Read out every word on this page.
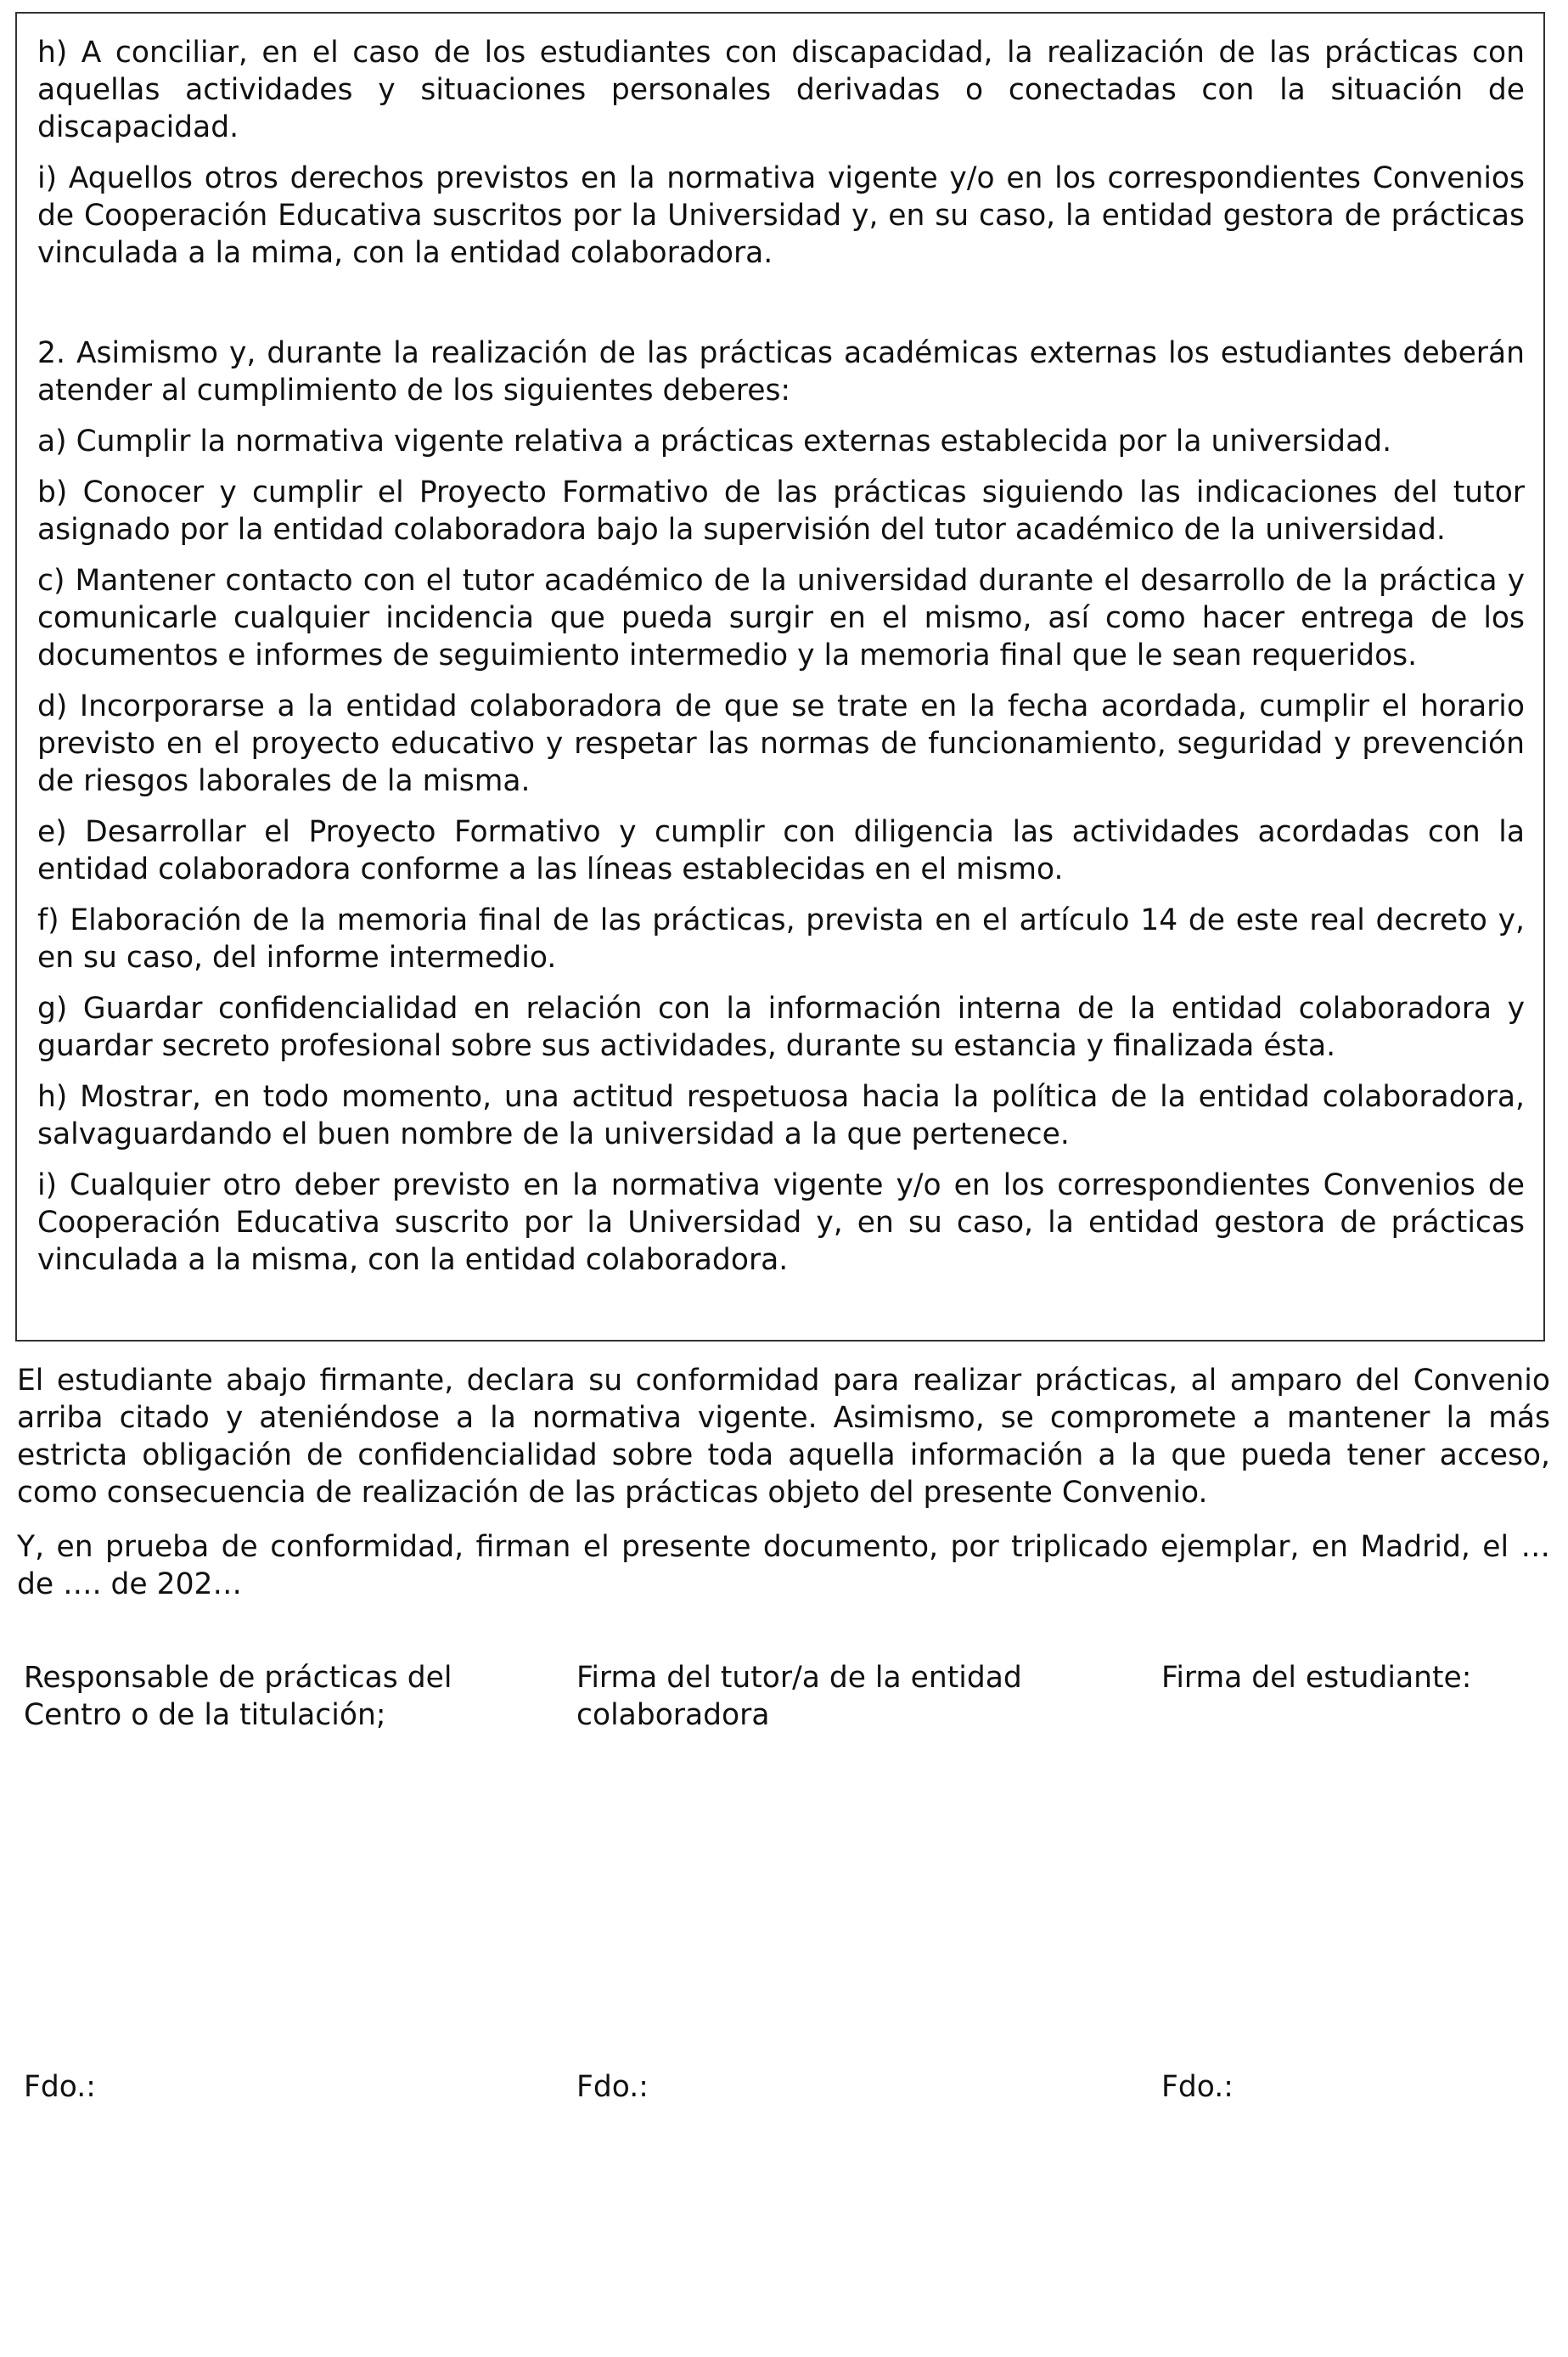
h) A conciliar, en el caso de los estudiantes con discapacidad, la realización de las prácticas con aquellas actividades y situaciones personales derivadas o conectadas con la situación de discapacidad.

i) Aquellos otros derechos previstos en la normativa vigente y/o en los correspondientes Convenios de Cooperación Educativa suscritos por la Universidad y, en su caso, la entidad gestora de prácticas vinculada a la mima, con la entidad colaboradora.

2. Asimismo y, durante la realización de las prácticas académicas externas los estudiantes deberán atender al cumplimiento de los siguientes deberes:

a) Cumplir la normativa vigente relativa a prácticas externas establecida por la universidad.

b) Conocer y cumplir el Proyecto Formativo de las prácticas siguiendo las indicaciones del tutor asignado por la entidad colaboradora bajo la supervisión del tutor académico de la universidad.

c) Mantener contacto con el tutor académico de la universidad durante el desarrollo de la práctica y comunicarle cualquier incidencia que pueda surgir en el mismo, así como hacer entrega de los documentos e informes de seguimiento intermedio y la memoria final que le sean requeridos.

d) Incorporarse a la entidad colaboradora de que se trate en la fecha acordada, cumplir el horario previsto en el proyecto educativo y respetar las normas de funcionamiento, seguridad y prevención de riesgos laborales de la misma.

e) Desarrollar el Proyecto Formativo y cumplir con diligencia las actividades acordadas con la entidad colaboradora conforme a las líneas establecidas en el mismo.

f) Elaboración de la memoria final de las prácticas, prevista en el artículo 14 de este real decreto y, en su caso, del informe intermedio.

g) Guardar confidencialidad en relación con la información interna de la entidad colaboradora y guardar secreto profesional sobre sus actividades, durante su estancia y finalizada ésta.

h) Mostrar, en todo momento, una actitud respetuosa hacia la política de la entidad colaboradora, salvaguardando el buen nombre de la universidad a la que pertenece.

i) Cualquier otro deber previsto en la normativa vigente y/o en los correspondientes Convenios de Cooperación Educativa suscrito por la Universidad y, en su caso, la entidad gestora de prácticas vinculada a la misma, con la entidad colaboradora.

El estudiante abajo firmante, declara su conformidad para realizar prácticas, al amparo del Convenio arriba citado y ateniéndose a la normativa vigente. Asimismo, se compromete a mantener la más estricta obligación de confidencialidad sobre toda aquella información a la que pueda tener acceso, como consecuencia de realización de las prácticas objeto del presente Convenio.

Y, en prueba de conformidad, firman el presente documento, por triplicado ejemplar, en Madrid, el … de …. de 202…

Responsable de prácticas del
Centro o de la titulación;
Firma del tutor/a de la entidad
colaboradora
Firma del estudiante:
Fdo.:	Fdo.:	Fdo.:
